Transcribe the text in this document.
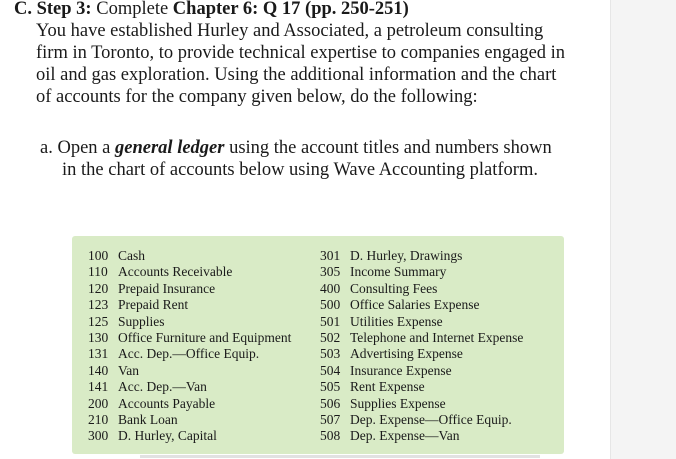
C. Step 3: Complete Chapter 6: Q 17 (pp. 250-251)
You have established Hurley and Associated, a petroleum consulting
firm in Toronto, to provide technical expertise to companies engaged in
oil and gas exploration. Using the additional information and the chart
of accounts for the company given below, do the following:
a. Open a general ledger using the account titles and numbers shown
in the chart of accounts below using Wave Accounting platform.
100 Cash
110 Accounts Receivable
120 Prepaid Insurance
123 Prepaid Rent
125 Supplies
130 Office Furniture and Equipment
131 Acc. Dep.—Office Equip.
140 Van
141 Acc. Dep.—Van
200 Accounts Payable
210 Bank Loan
300 D. Hurley, Capital
301 D. Hurley, Drawings
305 Income Summary
400 Consulting Fees
500 Office Salaries Expense
501 Utilities Expense
502 Telephone and Internet Expense
503 Advertising Expense
504 Insurance Expense
505 Rent Expense
506 Supplies Expense
507 Dep. Expense—Office Equip.
508 Dep. Expense—Van
